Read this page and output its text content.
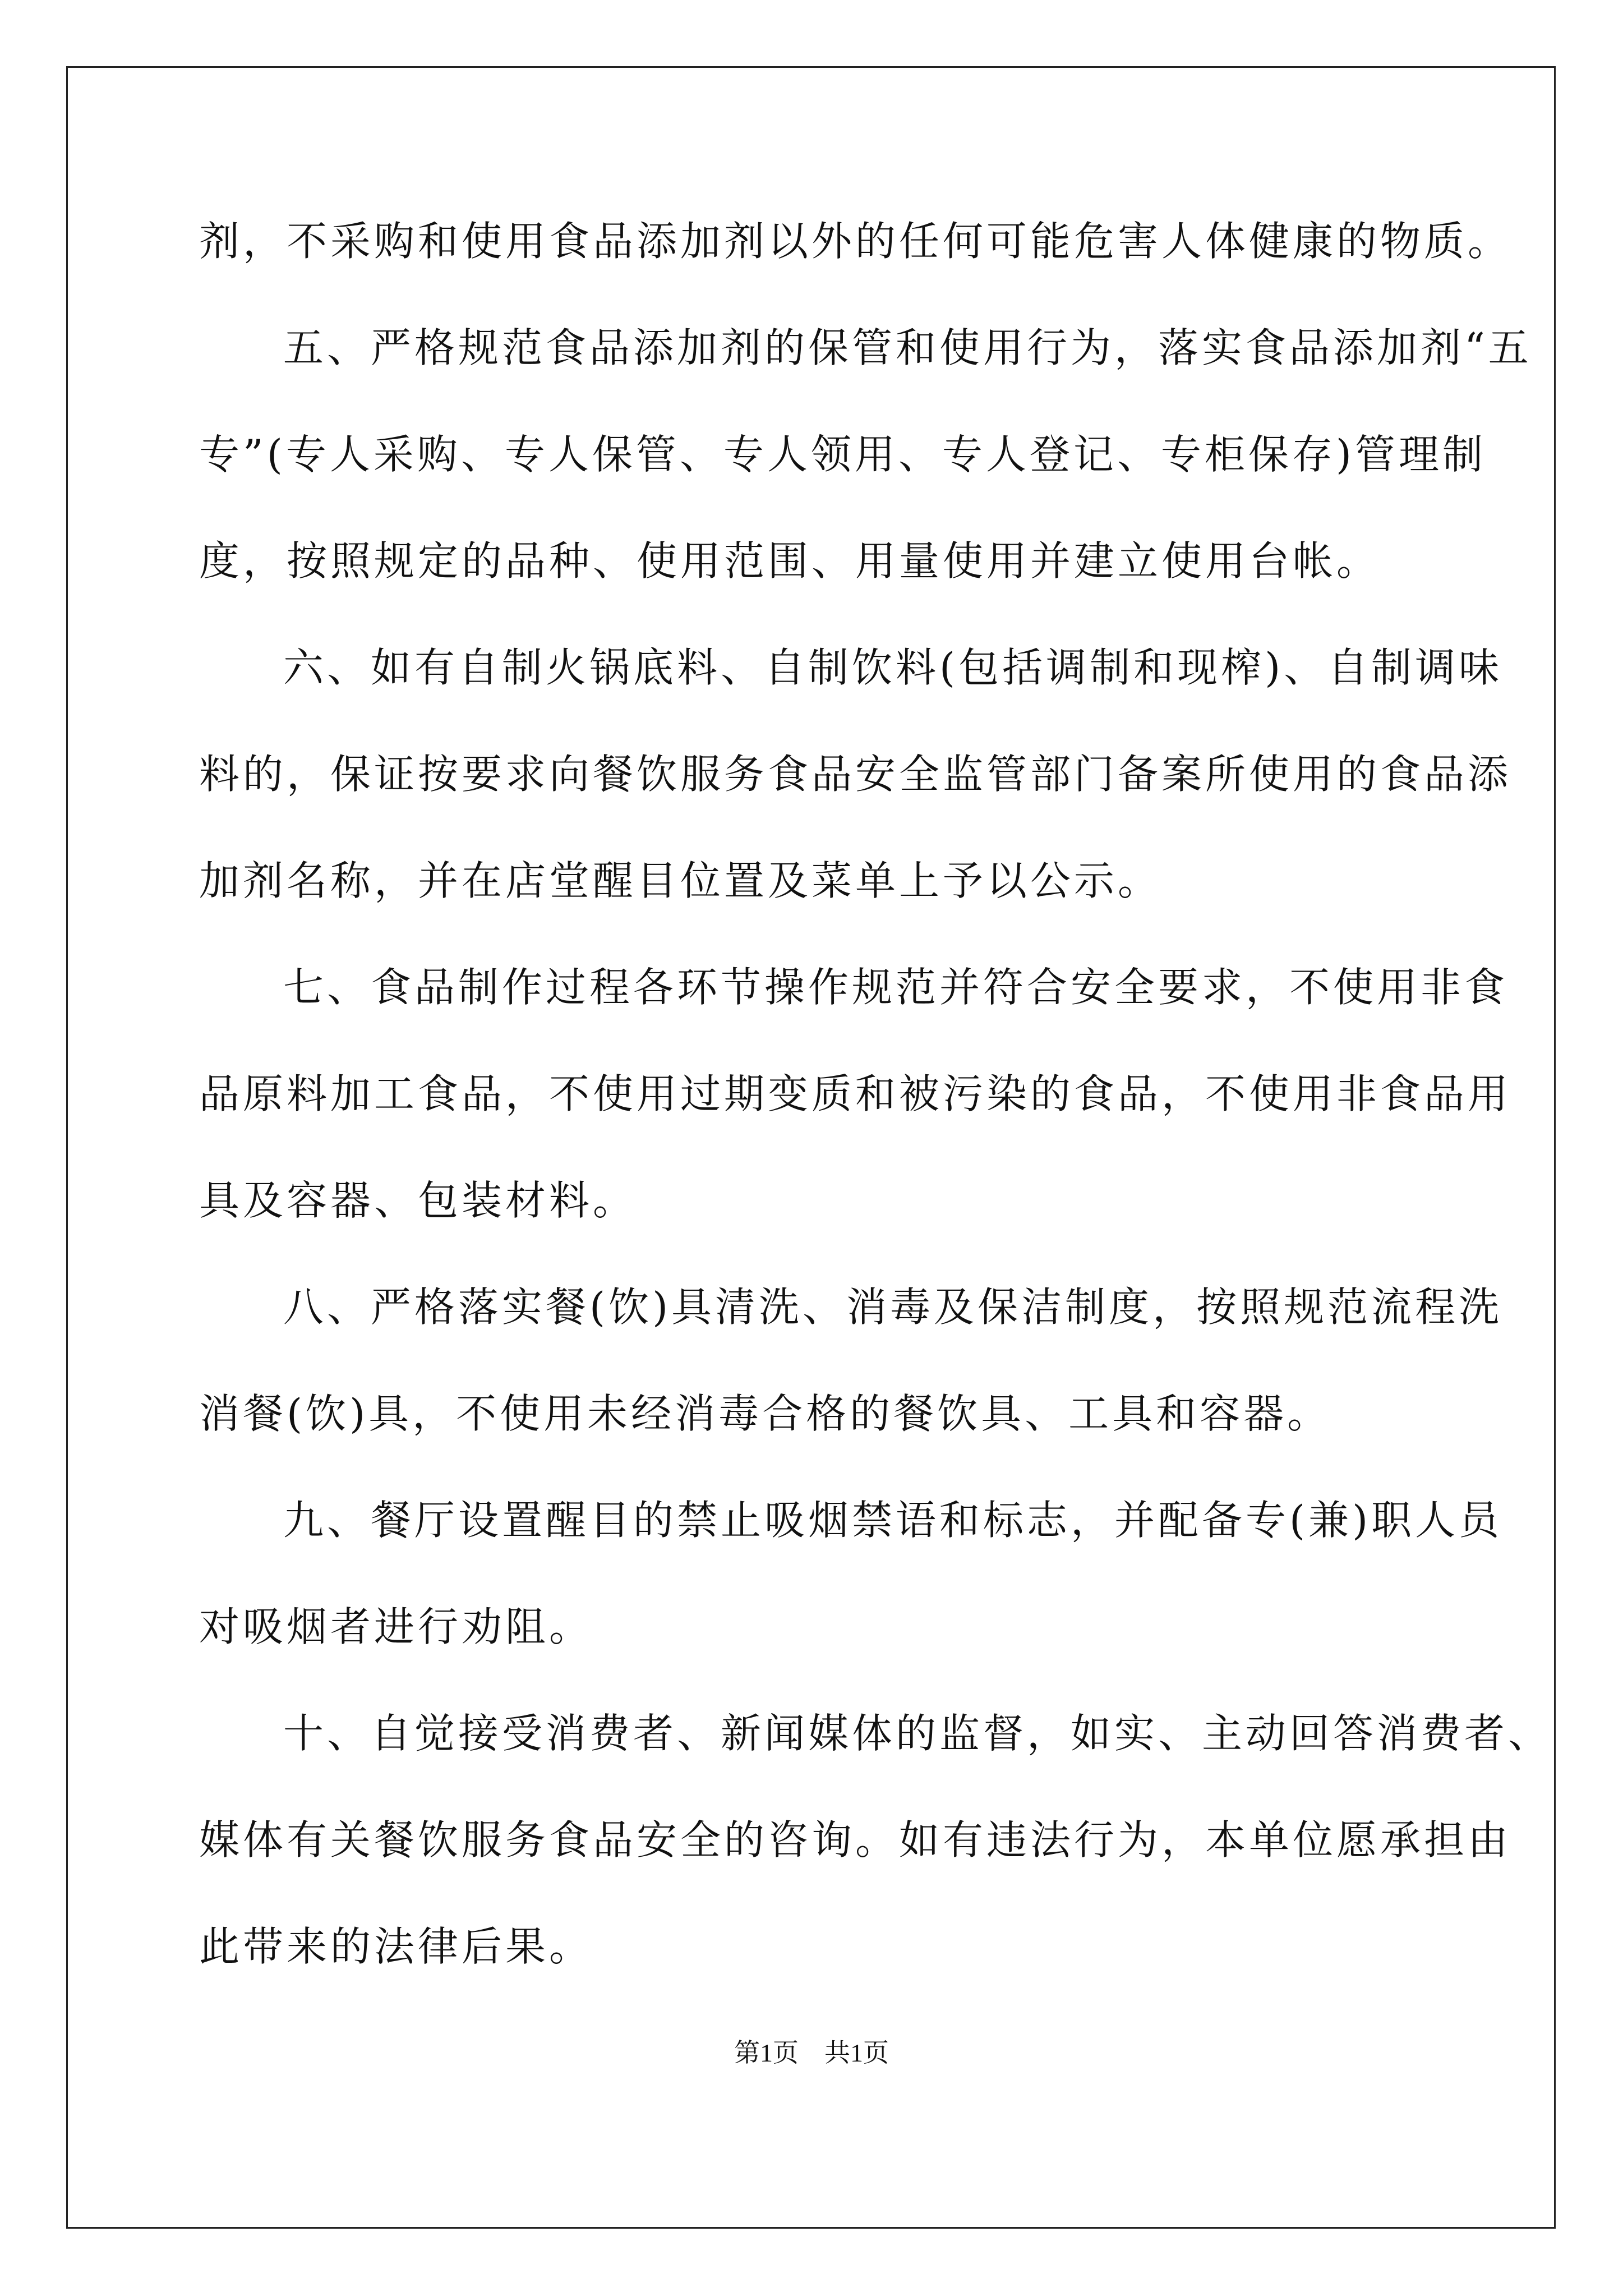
剂，不采购和使用食品添加剂以外的任何可能危害人体健康的物质。
五、严格规范食品添加剂的保管和使用行为，落实食品添加剂“五
专”(专人采购、专人保管、专人领用、专人登记、专柜保存)管理制
度，按照规定的品种、使用范围、用量使用并建立使用台帐。
六、如有自制火锅底料、自制饮料(包括调制和现榨)、自制调味
料的，保证按要求向餐饮服务食品安全监管部门备案所使用的食品添
加剂名称，并在店堂醒目位置及菜单上予以公示。
七、食品制作过程各环节操作规范并符合安全要求，不使用非食
品原料加工食品，不使用过期变质和被污染的食品，不使用非食品用
具及容器、包装材料。
八、严格落实餐(饮)具清洗、消毒及保洁制度，按照规范流程洗
消餐(饮)具，不使用未经消毒合格的餐饮具、工具和容器。
九、餐厅设置醒目的禁止吸烟禁语和标志，并配备专(兼)职人员
对吸烟者进行劝阻。
十、自觉接受消费者、新闻媒体的监督，如实、主动回答消费者、
媒体有关餐饮服务食品安全的咨询。如有违法行为，本单位愿承担由
此带来的法律后果。
第1页　共1页
